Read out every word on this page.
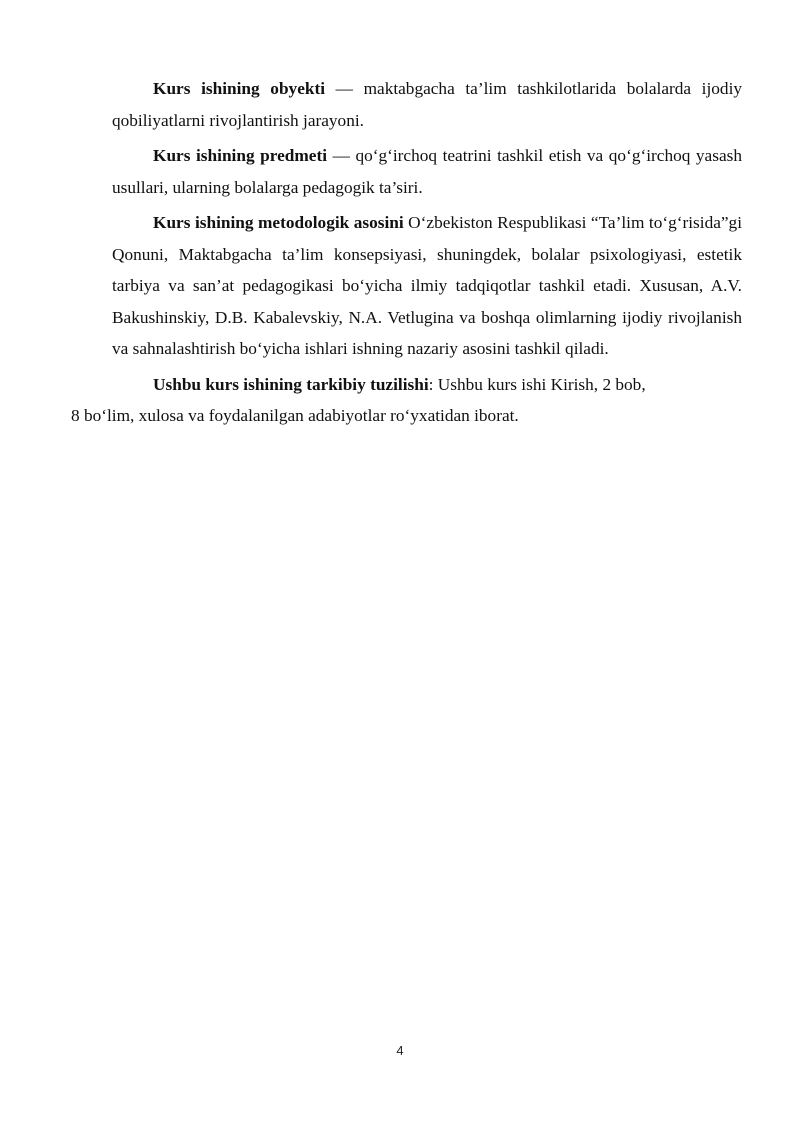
Kurs ishining obyekti — maktabgacha ta’lim tashkilotlarida bolalarda ijodiy qobiliyatlarni rivojlantirish jarayoni.

Kurs ishining predmeti — qo‘g‘irchoq teatrini tashkil etish va qo‘g‘irchoq yasash usullari, ularning bolalarga pedagogik ta’siri.

Kurs ishining metodologik asosini O‘zbekiston Respublikasi “Ta’lim to‘g‘risida”gi Qonuni, Maktabgacha ta’lim konsepsiyasi, shuningdek, bolalar psixologiyasi, estetik tarbiya va san’at pedagogikasi bo‘yicha ilmiy tadqiqotlar tashkil etadi. Xususan, A.V. Bakushinskiy, D.B. Kabalevskiy, N.A. Vetlugina va boshqa olimlarning ijodiy rivojlanish va sahnalashtirish bo‘yicha ishlari ishning nazariy asosini tashkil qiladi.

Ushbu kurs ishining tarkibiy tuzilishi: Ushbu kurs ishi Kirish, 2 bob,
8 bo‘lim, xulosa va foydalanilgan adabiyotlar ro‘yxatidan iborat.

4
